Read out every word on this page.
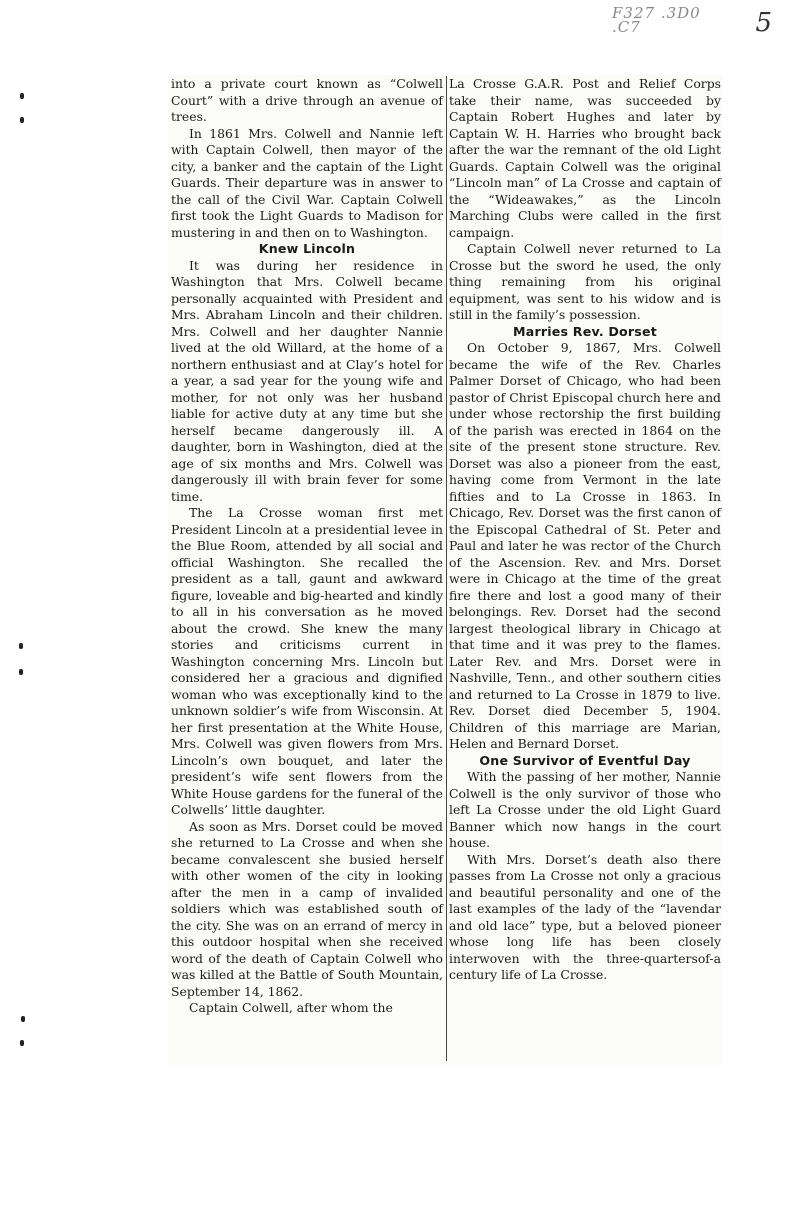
F327 .3D0 .C7	5

into a private court known as “Colwell Court” with a drive through an avenue of trees.

In 1861 Mrs. Colwell and Nannie left with Captain Colwell, then mayor of the city, a banker and the captain of the Light Guards. Their departure was in answer to the call of the Civil War. Captain Colwell first took the Light Guards to Madison for mustering in and then on to Washington.

Knew Lincoln

It was during her residence in Washington that Mrs. Colwell became personally acquainted with President and Mrs. Abraham Lincoln and their children. Mrs. Colwell and her daughter Nannie lived at the old Willard, at the home of a northern enthusiast and at Clay’s hotel for a year, a sad year for the young wife and mother, for not only was her husband liable for active duty at any time but she herself became dangerously ill. A daughter, born in Washington, died at the age of six months and Mrs. Colwell was dangerously ill with brain fever for some time.

The La Crosse woman first met President Lincoln at a presidential levee in the Blue Room, attended by all social and official Washington. She recalled the president as a tall, gaunt and awkward figure, loveable and big-hearted and kindly to all in his conversation as he moved about the crowd. She knew the many stories and criticisms current in Washington concerning Mrs. Lincoln but considered her a gracious and dignified woman who was exceptionally kind to the unknown soldier’s wife from Wisconsin. At her first presentation at the White House, Mrs. Colwell was given flowers from Mrs. Lincoln’s own bouquet, and later the president’s wife sent flowers from the White House gardens for the funeral of the Colwells’ little daughter.

As soon as Mrs. Dorset could be moved she returned to La Crosse and when she became convalescent she busied herself with other women of the city in looking after the men in a camp of invalided soldiers which was established south of the city. She was on an errand of mercy in this outdoor hospital when she received word of the death of Captain Colwell who was killed at the Battle of South Mountain, September 14, 1862.

Captain Colwell, after whom the

La Crosse G.A.R. Post and Relief Corps take their name, was succeeded by Captain Robert Hughes and later by Captain W. H. Harries who brought back after the war the remnant of the old Light Guards. Captain Colwell was the original “Lincoln man” of La Crosse and captain of the “Wideawakes,” as the Lincoln Marching Clubs were called in the first campaign.

Captain Colwell never returned to La Crosse but the sword he used, the only thing remaining from his original equipment, was sent to his widow and is still in the family’s possession.

Marries Rev. Dorset

On October 9, 1867, Mrs. Colwell became the wife of the Rev. Charles Palmer Dorset of Chicago, who had been pastor of Christ Episcopal church here and under whose rectorship the first building of the parish was erected in 1864 on the site of the present stone structure. Rev. Dorset was also a pioneer from the east, having come from Vermont in the late fifties and to La Crosse in 1863. In Chicago, Rev. Dorset was the first canon of the Episcopal Cathedral of St. Peter and Paul and later he was rector of the Church of the Ascension. Rev. and Mrs. Dorset were in Chicago at the time of the great fire there and lost a good many of their belongings. Rev. Dorset had the second largest theological library in Chicago at that time and it was prey to the flames. Later Rev. and Mrs. Dorset were in Nashville, Tenn., and other southern cities and returned to La Crosse in 1879 to live. Rev. Dorset died December 5, 1904. Children of this marriage are Marian, Helen and Bernard Dorset.

One Survivor of Eventful Day

With the passing of her mother, Nannie Colwell is the only survivor of those who left La Crosse under the old Light Guard Banner which now hangs in the court house.

With Mrs. Dorset’s death also there passes from La Crosse not only a gracious and beautiful personality and one of the last examples of the lady of the “lavendar and old lace” type, but a beloved pioneer whose long life has been closely interwoven with the three-quartersof-a century life of La Crosse.
